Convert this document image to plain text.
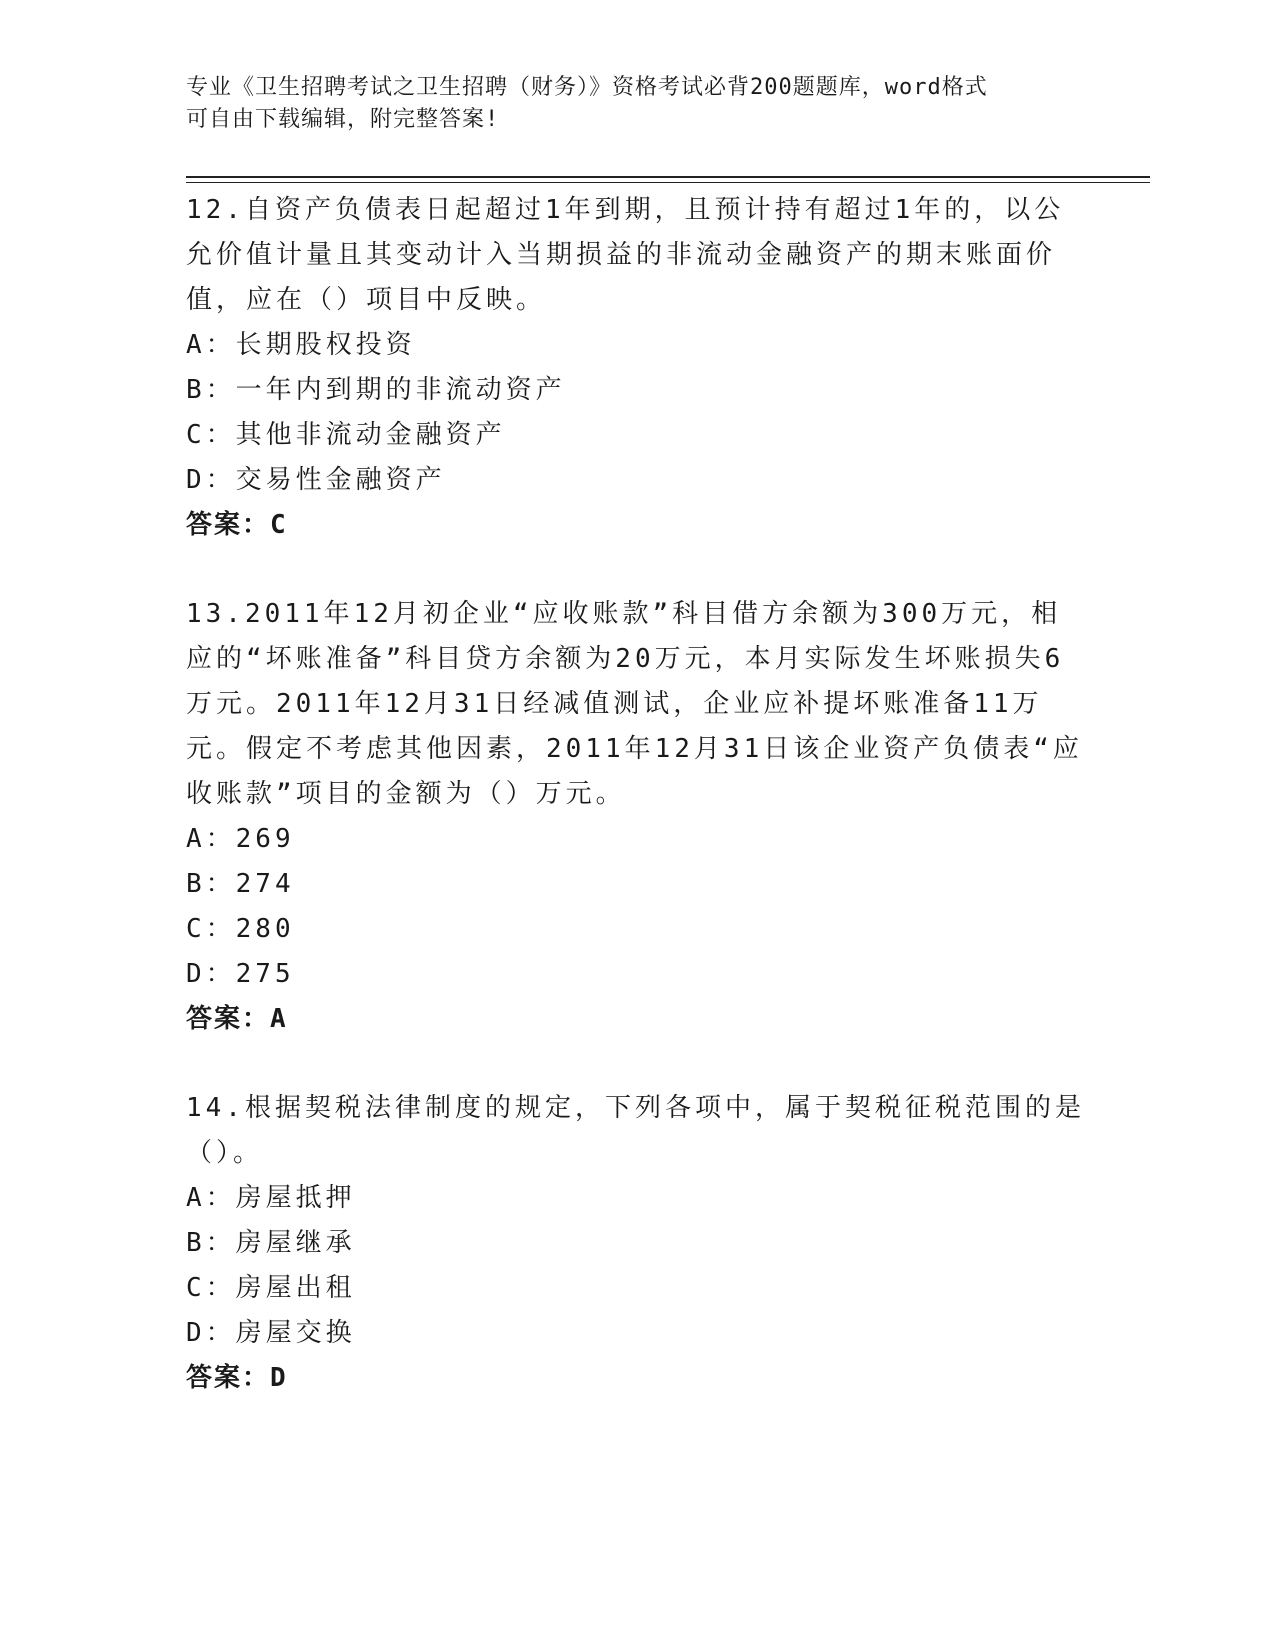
专业《卫生招聘考试之卫生招聘（财务）》资格考试必背200题题库，word格式
可自由下载编辑，附完整答案!

12.自资产负债表日起超过1年到期，且预计持有超过1年的，以公允价值计量且其变动计入当期损益的非流动金融资产的期末账面价值，应在（）项目中反映。

A：长期股权投资

B：一年内到期的非流动资产

C：其他非流动金融资产

D：交易性金融资产

答案：C

13.2011年12月初企业“应收账款”科目借方余额为300万元，相应的“坏账准备”科目贷方余额为20万元，本月实际发生坏账损失6万元。2011年12月31日经减值测试，企业应补提坏账准备11万元。假定不考虑其他因素，2011年12月31日该企业资产负债表“应收账款”项目的金额为（）万元。

A：269

B：274

C：280

D：275

答案：A

14.根据契税法律制度的规定，下列各项中，属于契税征税范围的是（）。

A：房屋抵押

B：房屋继承

C：房屋出租

D：房屋交换

答案：D
